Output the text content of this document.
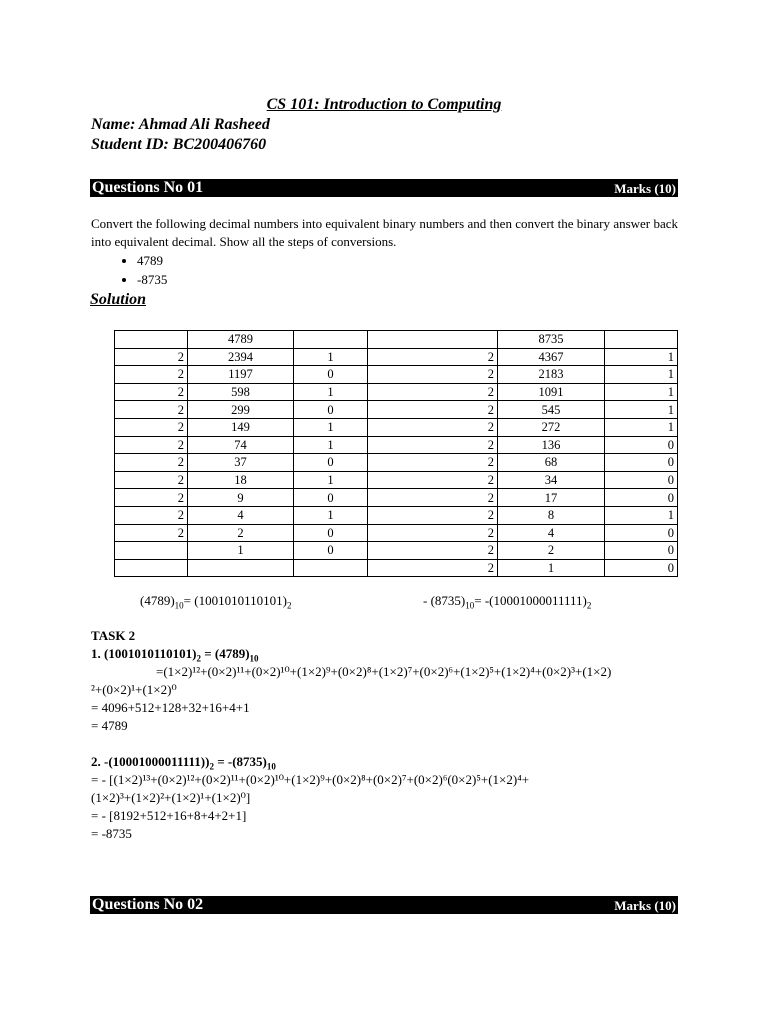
CS 101: Introduction to Computing
Name: Ahmad Ali Rasheed
Student ID: BC200406760
Questions No 01	Marks (10)
Convert the following decimal numbers into equivalent binary numbers and then convert the binary answer back into equivalent decimal. Show all the steps of conversions.
• 4789
• -8735
Solution
	4789			8735	
2	2394	1	2	4367	1
2	1197	0	2	2183	1
2	598	1	2	1091	1
2	299	0	2	545	1
2	149	1	2	272	1
2	74	1	2	136	0
2	37	0	2	68	0
2	18	1	2	34	0
2	9	0	2	17	0
2	4	1	2	8	1
2	2	0	2	4	0
	1	0	2	2	0
			2	1	0
$(4789)_{10}= (1001010110101)_2$	- $(8735)_{10}= -(10001000011111)_2$
TASK 2
1. $(1001010110101)_2 = (4789)_{10}$
=(1×2)¹²+(0×2)¹¹+(0×2)¹⁰+(1×2)⁹+(0×2)⁸+(1×2)⁷+(0×2)⁶+(1×2)⁵+(1×2)⁴+(0×2)³+(1×2)
²+(0×2)¹+(1×2)⁰
= 4096+512+128+32+16+4+1
= 4789
2. $-(10001000011111))_2 = -(8735)_{10}$
= - [(1×2)¹³+(0×2)¹²+(0×2)¹¹+(0×2)¹⁰+(1×2)⁹+(0×2)⁸+(0×2)⁷+(0×2)⁶(0×2)⁵+(1×2)⁴+
(1×2)³+(1×2)²+(1×2)¹+(1×2)⁰]
= - [8192+512+16+8+4+2+1]
= -8735
Questions No 02	Marks (10)
